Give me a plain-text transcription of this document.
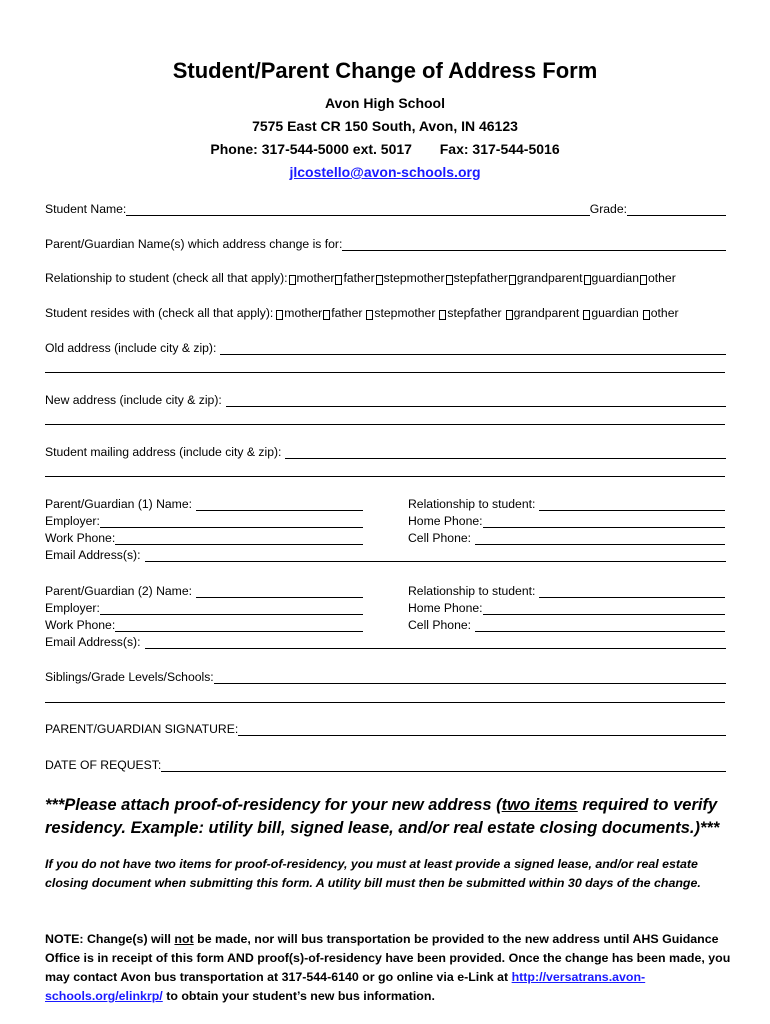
Student/Parent Change of Address Form
Avon High School
7575 East CR 150 South, Avon, IN 46123
Phone: 317-544-5000 ext. 5017 Fax: 317-544-5016
jlcostello@avon-schools.org
Student Name:	Grade:
Parent/Guardian Name(s) which address change is for:
Relationship to student (check all that apply): mother father stepmother stepfather grandparent guardian other
Student resides with (check all that apply): mother father stepmother stepfather grandparent guardian other
Old address (include city & zip):
New address (include city & zip):
Student mailing address (include city & zip):
Parent/Guardian (1) Name:	Relationship to student:
Employer:	Home Phone:
Work Phone:	Cell Phone:
Email Address(s):
Parent/Guardian (2) Name:	Relationship to student:
Employer:	Home Phone:
Work Phone:	Cell Phone:
Email Address(s):
Siblings/Grade Levels/Schools:
PARENT/GUARDIAN SIGNATURE:
DATE OF REQUEST:
***Please attach proof-of-residency for your new address (two items required to verify residency. Example: utility bill, signed lease, and/or real estate closing documents.)***
If you do not have two items for proof-of-residency, you must at least provide a signed lease, and/or real estate closing document when submitting this form. A utility bill must then be submitted within 30 days of the change.
NOTE: Change(s) will not be made, nor will bus transportation be provided to the new address until AHS Guidance Office is in receipt of this form AND proof(s)-of-residency have been provided. Once the change has been made, you may contact Avon bus transportation at 317-544-6140 or go online via e-Link at http://versatrans.avon-schools.org/elinkrp/ to obtain your student’s new bus information.
